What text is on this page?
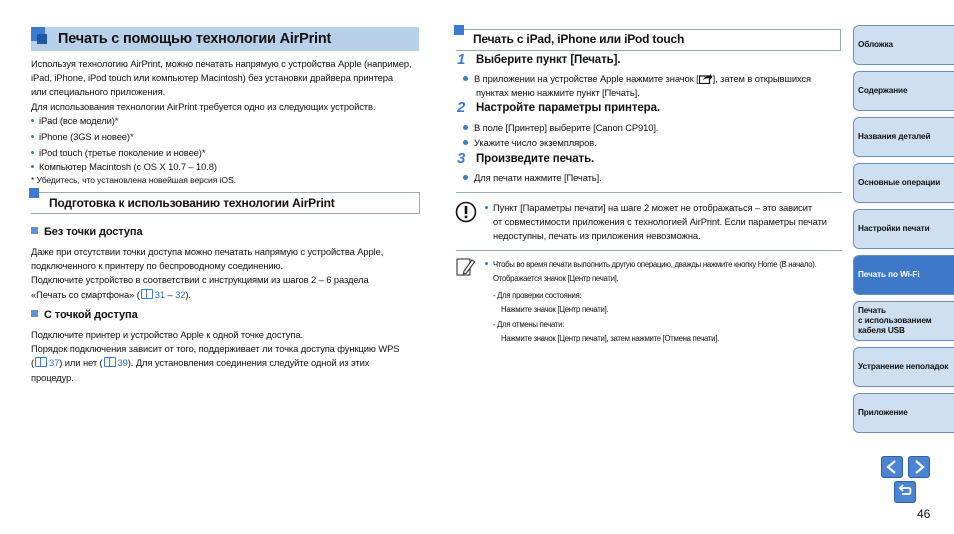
Печать с помощью технологии AirPrint

Используя технологию AirPrint, можно печатать напрямую с устройства Apple (например,

iPad, iPhone, iPod touch или компьютер Macintosh) без установки драйвера принтера

или специального приложения.

Для использования технологии AirPrint требуется одно из следующих устройств.

iPad (все модели)*

iPhone (3GS и новее)*

iPod touch (третье поколение и новее)*

Компьютер Macintosh (с OS X 10.7 – 10.8)

* Убедитесь, что установлена новейшая версия iOS.

Подготовка к использованию технологии AirPrint
Без точки доступа

Даже при отсутствии точки доступа можно печатать напрямую с устройства Apple,

подключенного к принтеру по беспроводному соединению.

Подключите устройство в соответствии с инструкциями из шагов 2 – 6 раздела

«Печать со смартфона» ( 31 – 32).

С точкой доступа

Подключите принтер и устройство Apple к одной точке доступа.

Порядок подключения зависит от того, поддерживает ли точка доступа функцию WPS

( 37) или нет ( 39). Для установления соединения следуйте одной из этих

процедур.

Печать с iPad, iPhone или iPod touch
1 Выберите пункт [Печать].

В приложении на устройстве Apple нажмите значок [ ], затем в открывшихся

пунктах меню нажмите пункт [Печать].

2 Настройте параметры принтера.

В поле [Принтер] выберите [Canon CP910].

Укажите число экземпляров.

3 Произведите печать.

Для печати нажмите [Печать].

Пункт [Параметры печати] на шаге 2 может не отображаться – это зависит

от совместимости приложения с технологией AirPrint. Если параметры печати

недоступны, печать из приложения невозможна.

Чтобы во время печати выполнить другую операцию, дважды нажмите кнопку Home (В начало).

Отображается значок [Центр печати].

- Для проверки состояния:

Нажмите значок [Центр печати].

- Для отмены печати:

Нажмите значок [Центр печати], затем нажмите [Отмена печати].

Обложка
Содержание
Названия деталей
Основные операции
Настройки печати
Печать по Wi-Fi
Печать
с использованием
кабеля USB
Устранение неполадок
Приложение
46
